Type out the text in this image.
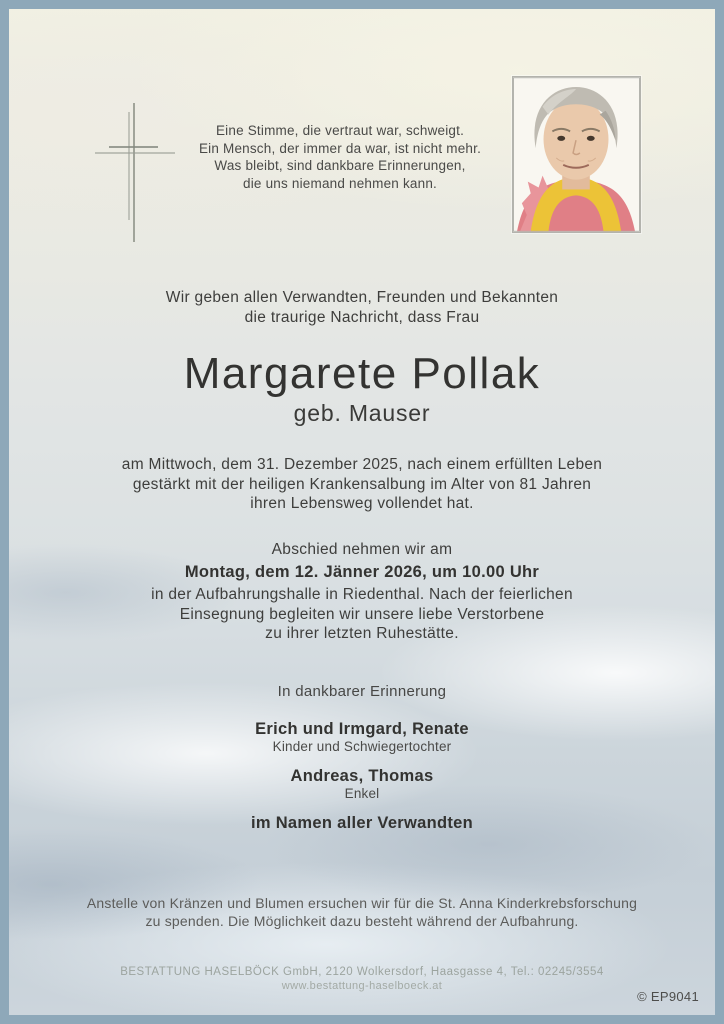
Eine Stimme, die vertraut war, schweigt.
Ein Mensch, der immer da war, ist nicht mehr.
Was bleibt, sind dankbare Erinnerungen,
die uns niemand nehmen kann.
Wir geben allen Verwandten, Freunden und Bekannten
die traurige Nachricht, dass Frau
Margarete Pollak
geb. Mauser
am Mittwoch, dem 31. Dezember 2025, nach einem erfüllten Leben
gestärkt mit der heiligen Krankensalbung im Alter von 81 Jahren
ihren Lebensweg vollendet hat.
Abschied nehmen wir am
Montag, dem 12. Jänner 2026, um 10.00 Uhr
in der Aufbahrungshalle in Riedenthal. Nach der feierlichen
Einsegnung begleiten wir unsere liebe Verstorbene
zu ihrer letzten Ruhestätte.
In dankbarer Erinnerung
Erich und Irmgard, Renate
Kinder und Schwiegertochter
Andreas, Thomas
Enkel
im Namen aller Verwandten
Anstelle von Kränzen und Blumen ersuchen wir für die St. Anna Kinderkrebsforschung
zu spenden. Die Möglichkeit dazu besteht während der Aufbahrung.
BESTATTUNG HASELBÖCK GmbH, 2120 Wolkersdorf, Haasgasse 4, Tel.: 02245/3554
www.bestattung-haselboeck.at
© EP9041
